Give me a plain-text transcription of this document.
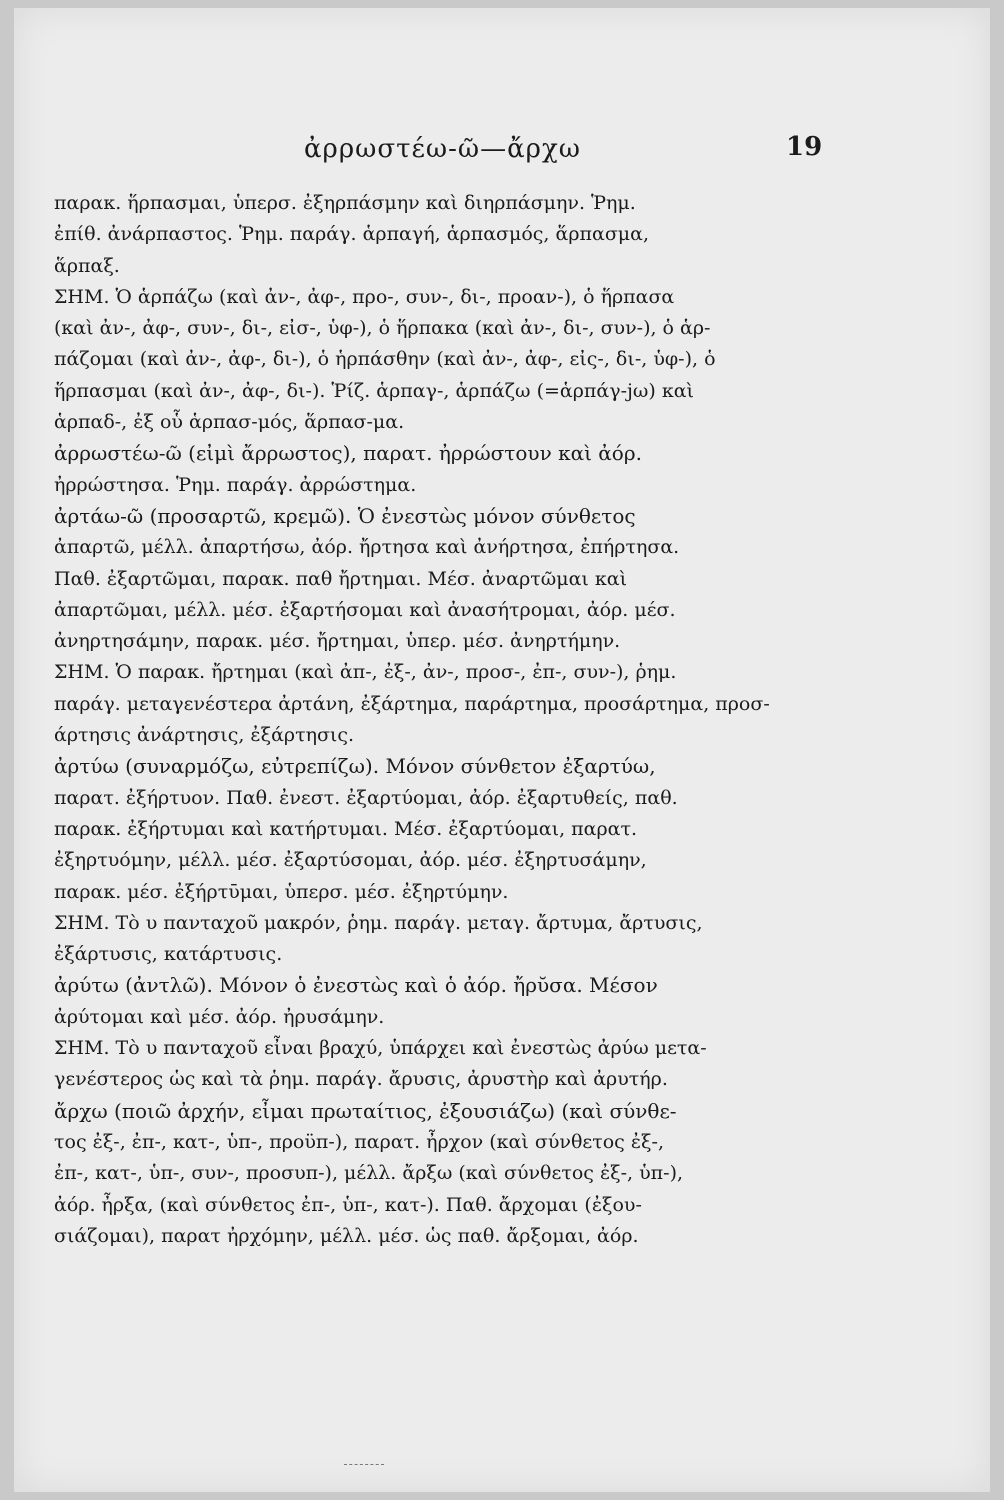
ἀρρωστέω-ῶ—ἄρχω	19
παρακ. ἥρπασμαι, ὑπερσ. ἐξηρπάσμην καὶ διηρπάσμην. Ῥημ.
ἐπίθ. ἀνάρπαστος. Ῥημ. παράγ. ἁρπαγή, ἁρπασμός, ἅρπασμα,
ἅρπαξ.
ΣΗΜ. Ὁ ἁρπάζω (καὶ ἀν-, ἀφ-, προ-, συν-, δι-, προαν-), ὁ ἥρπασα
(καὶ ἀν-, ἀφ-, συν-, δι-, εἰσ-, ὑφ-), ὁ ἥρπακα (καὶ ἀν-, δι-, συν-), ὁ ἁρ-
πάζομαι (καὶ ἀν-, ἀφ-, δι-), ὁ ἡρπάσθην (καὶ ἀν-, ἀφ-, εἰς-, δι-, ὑφ-), ὁ
ἥρπασμαι (καὶ ἀν-, ἀφ-, δι-). Ῥίζ. ἁρπαγ-, ἁρπάζω (=ἁρπάγ-jω) καὶ
ἁρπαδ-, ἐξ οὗ ἁρπασ-μός, ἅρπασ-μα.
ἀρρωστέω-ῶ (εἰμὶ ἄρρωστος), παρατ. ἠρρώστουν καὶ ἀόρ.
ἠρρώστησα. Ῥημ. παράγ. ἀρρώστημα.
ἀρτάω-ῶ (προσαρτῶ, κρεμῶ). Ὁ ἐνεστὼς μόνον σύνθετος
ἀπαρτῶ, μέλλ. ἀπαρτήσω, ἀόρ. ἤρτησα καὶ ἀνήρτησα, ἐπήρτησα.
Παθ. ἐξαρτῶμαι, παρακ. παθ ἤρτημαι. Μέσ. ἀναρτῶμαι καὶ
ἀπαρτῶμαι, μέλλ. μέσ. ἐξαρτήσομαι καὶ ἀνασήτρομαι, ἀόρ. μέσ.
ἀνηρτησάμην, παρακ. μέσ. ἤρτημαι, ὑπερ. μέσ. ἀνηρτήμην.
ΣΗΜ. Ὁ παρακ. ἤρτημαι (καὶ ἀπ-, ἐξ-, ἀν-, προσ-, ἐπ-, συν-), ῥημ.
παράγ. μεταγενέστερα ἀρτάνη, ἐξάρτημα, παράρτημα, προσάρτημα, προσ-
άρτησις ἀνάρτησις, ἐξάρτησις.
ἀρτύω (συναρμόζω, εὐτρεπίζω). Μόνον σύνθετον ἐξαρτύω,
παρατ. ἐξήρτυον. Παθ. ἐνεστ. ἐξαρτύομαι, ἀόρ. ἐξαρτυθείς, παθ.
παρακ. ἐξήρτυμαι καὶ κατήρτυμαι. Μέσ. ἐξαρτύομαι, παρατ.
ἐξηρτυόμην, μέλλ. μέσ. ἐξαρτύσομαι, ἀόρ. μέσ. ἐξηρτυσάμην,
παρακ. μέσ. ἐξήρτῡμαι, ὑπερσ. μέσ. ἐξηρτύμην.
ΣΗΜ. Τὸ υ πανταχοῦ μακρόν, ῥημ. παράγ. μεταγ. ἄρτυμα, ἄρτυσις,
ἐξάρτυσις, κατάρτυσις.
ἀρύτω (ἀντλῶ). Μόνον ὁ ἐνεστὼς καὶ ὁ ἀόρ. ἤρῠσα. Μέσον
ἀρύτομαι καὶ μέσ. ἀόρ. ἠρυσάμην.
ΣΗΜ. Τὸ υ πανταχοῦ εἶναι βραχύ, ὑπάρχει καὶ ἐνεστὼς ἀρύω μετα-
γενέστερος ὡς καὶ τὰ ῥημ. παράγ. ἄρυσις, ἀρυστὴρ καὶ ἀρυτήρ.
ἄρχω (ποιῶ ἀρχήν, εἶμαι πρωταίτιος, ἐξουσιάζω) (καὶ σύνθε-
τος ἐξ-, ἐπ-, κατ-, ὑπ-, προϋπ-), παρατ. ἦρχον (καὶ σύνθετος ἐξ-,
ἐπ-, κατ-, ὑπ-, συν-, προσυπ-), μέλλ. ἄρξω (καὶ σύνθετος ἐξ-, ὑπ-),
ἀόρ. ἦρξα, (καὶ σύνθετος ἐπ-, ὑπ-, κατ-). Παθ. ἄρχομαι (ἐξου-
σιάζομαι), παρατ ἠρχόμην, μέλλ. μέσ. ὡς παθ. ἄρξομαι, ἀόρ.
